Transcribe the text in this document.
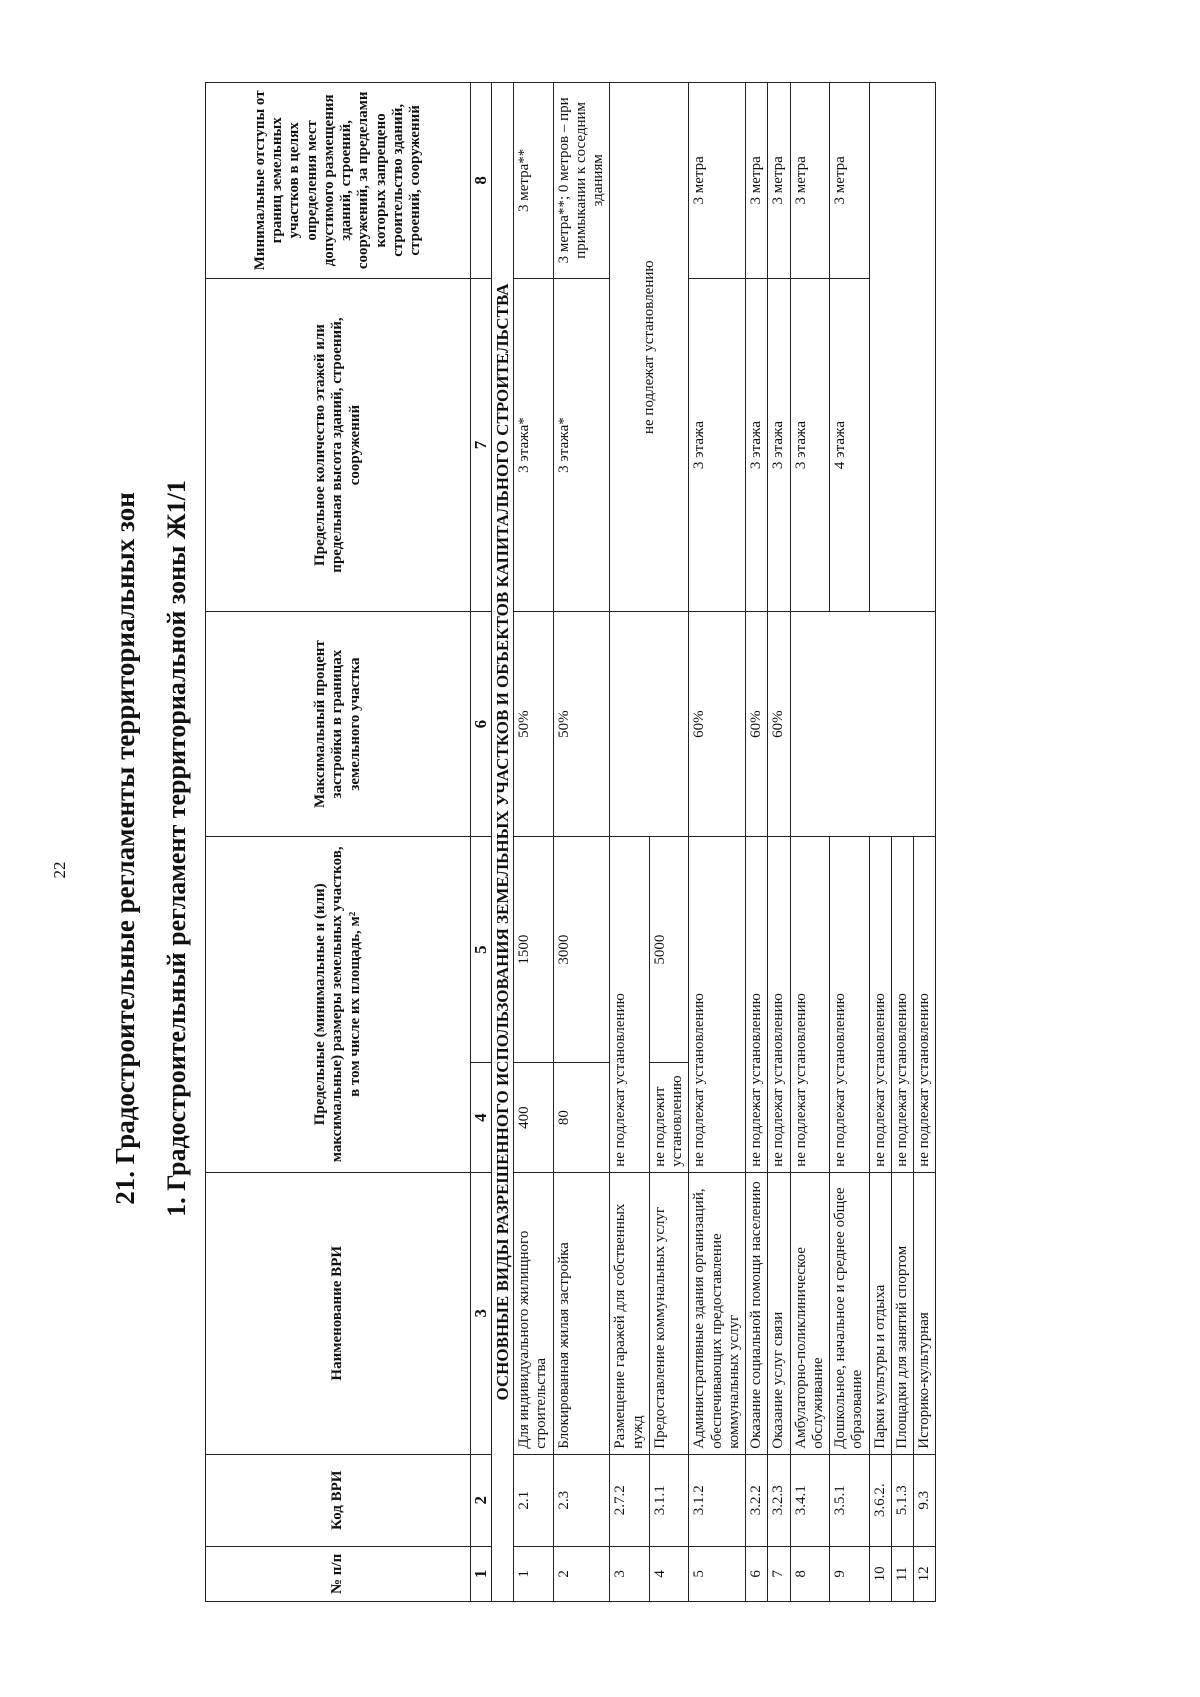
22 21. Градостроительные регламенты территориальных зон 1. Градостроительный регламент территориальной зоны Ж1/1
№ п/п	Код ВРИ	Наименование ВРИ	Предельные (минимальные и (или) максимальные) размеры земельных участков, в том числе их площадь, м²		Максимальный процент застройки в границах земельного участка	Предельное количество этажей или предельная высота зданий, строений, сооружений	Минимальные отступы от границ земельных участков в целях определения мест допустимого размещения зданий, строений, сооружений, за пределами которых запрещено строительство зданий, строений, сооружений
1	2	3	4	5	6	7	8
ОСНОВНЫЕ ВИДЫ РАЗРЕШЕННОГО ИСПОЛЬЗОВАНИЯ ЗЕМЕЛЬНЫХ УЧАСТКОВ И ОБЪЕКТОВ КАПИТАЛЬНОГО СТРОИТЕЛЬСТВА							
1	2.1	Для индивидуального жилищного строительства	400	1500	50%	3 этажа*	3 метра**
2	2.3	Блокированная жилая застройка	80	3000	50%	3 этажа*	3 метра**; 0 метров – при примыкании к соседним зданиям
3	2.7.2	Размещение гаражей для собственных нужд	не подлежат установлению			не подлежат установлению	
4	3.1.1	Предоставление коммунальных услуг	не подлежит установлению	5000			
5	3.1.2	Административные здания организаций, обеспечивающих предоставление коммунальных услуг	не подлежат установлению		60%	3 этажа	3 метра
6	3.2.2	Оказание социальной помощи населению	не подлежат установлению		60%	3 этажа	3 метра
7	3.2.3	Оказание услуг связи	не подлежат установлению		60%	3 этажа	3 метра
8	3.4.1	Амбулаторно-поликлиническое обслуживание	не подлежат установлению			3 этажа	3 метра
9	3.5.1	Дошкольное, начальное и среднее общее образование	не подлежат установлению			4 этажа	3 метра
10	3.6.2.	Парки культуры и отдыха	не подлежат установлению				
11	5.1.3	Площадки для занятий спортом	не подлежат установлению				
12	9.3	Историко-культурная	не подлежат установлению				
